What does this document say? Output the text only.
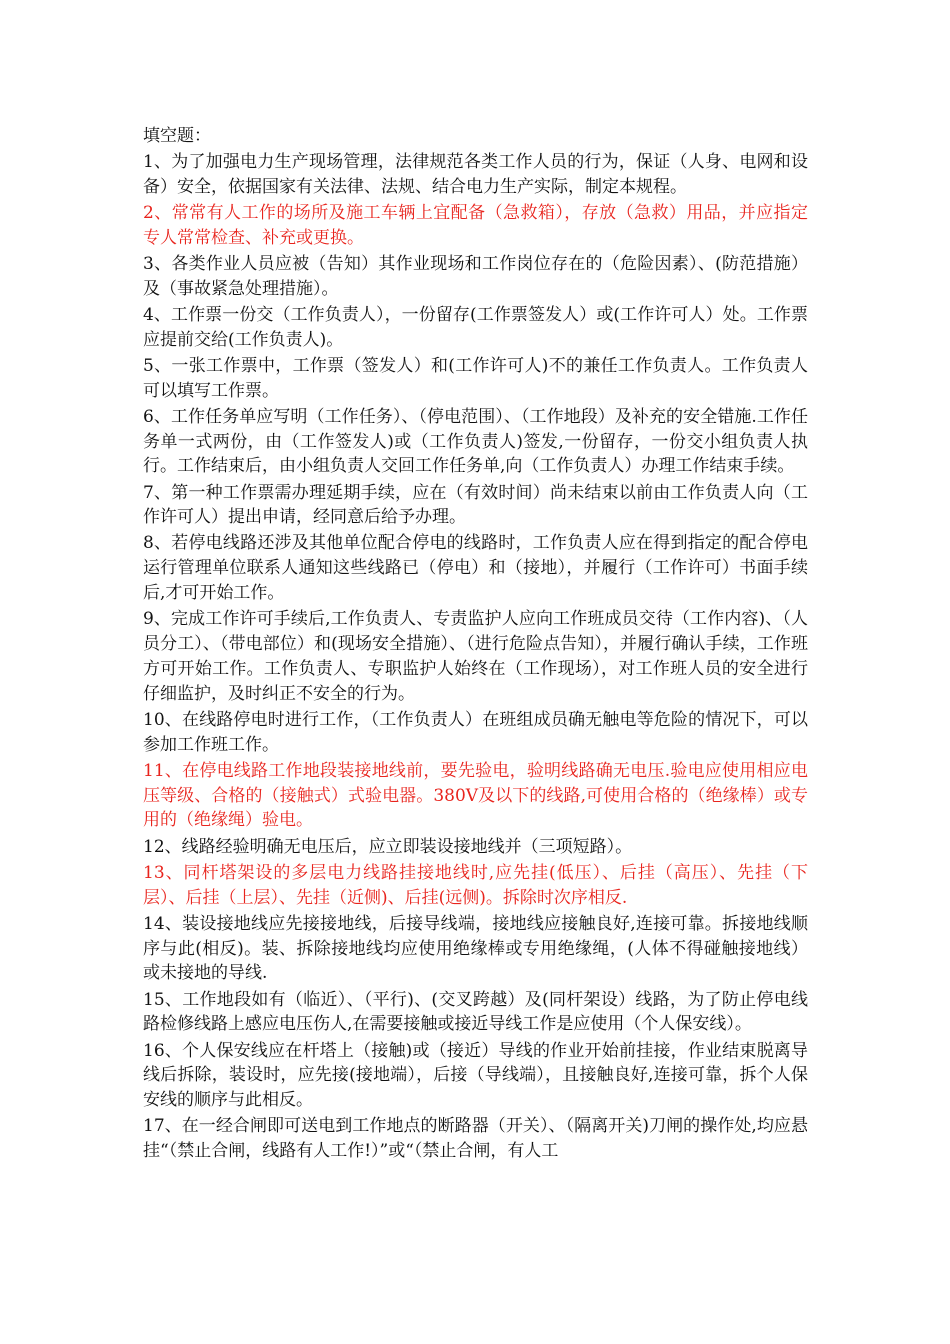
填空题：

1、为了加强电力生产现场管理，法律规范各类工作人员的行为，保证（人身、电网和设备）安全，依据国家有关法律、法规、结合电力生产实际，制定本规程。

2、常常有人工作的场所及施工车辆上宜配备（急救箱），存放（急救）用品，并应指定专人常常检查、补充或更换。

3、各类作业人员应被（告知）其作业现场和工作岗位存在的（危险因素）、(防范措施）及（事故紧急处理措施）。

4、工作票一份交（工作负责人），一份留存(工作票签发人）或(工作许可人）处。工作票应提前交给(工作负责人)。

5、一张工作票中，工作票（签发人）和(工作许可人)不的兼任工作负责人。工作负责人可以填写工作票。

6、工作任务单应写明（工作任务）、（停电范围）、（工作地段）及补充的安全错施.工作任务单一式两份，由（工作签发人)或（工作负责人)签发,一份留存，一份交小组负责人执行。工作结束后，由小组负责人交回工作任务单,向（工作负责人）办理工作结束手续。

7、第一种工作票需办理延期手续，应在（有效时间）尚未结束以前由工作负责人向（工作许可人）提出申请，经同意后给予办理。

8、若停电线路还涉及其他单位配合停电的线路时，工作负责人应在得到指定的配合停电运行管理单位联系人通知这些线路已（停电）和（接地），并履行（工作许可）书面手续后,才可开始工作。

9、完成工作许可手续后,工作负责人、专责监护人应向工作班成员交待（工作内容)、（人员分工）、（带电部位）和(现场安全措施）、（进行危险点告知），并履行确认手续，工作班方可开始工作。工作负责人、专职监护人始终在（工作现场），对工作班人员的安全进行仔细监护，及时纠正不安全的行为。

10、在线路停电时进行工作，（工作负责人）在班组成员确无触电等危险的情况下，可以参加工作班工作。

11、在停电线路工作地段装接地线前，要先验电，验明线路确无电压.验电应使用相应电压等级、合格的（接触式）式验电器。380V及以下的线路,可使用合格的（绝缘棒）或专用的（绝缘绳）验电。

12、线路经验明确无电压后，应立即装设接地线并（三项短路）。

13、同杆塔架设的多层电力线路挂接地线时,应先挂(低压）、后挂（高压）、先挂（下层）、后挂（上层）、先挂（近侧)、后挂(远侧)。拆除时次序相反.

14、装设接地线应先接接地线，后接导线端，接地线应接触良好,连接可靠。拆接地线顺序与此(相反)。装、拆除接地线均应使用绝缘棒或专用绝缘绳，(人体不得碰触接地线）或未接地的导线.

15、工作地段如有（临近）、（平行)、(交叉跨越）及(同杆架设）线路，为了防止停电线路检修线路上感应电压伤人,在需要接触或接近导线工作是应使用（个人保安线）。

16、个人保安线应在杆塔上（接触)或（接近）导线的作业开始前挂接，作业结束脱离导线后拆除，装设时，应先接(接地端），后接（导线端），且接触良好,连接可靠，拆个人保安线的顺序与此相反。

17、在一经合闸即可送电到工作地点的断路器（开关）、（隔离开关)刀闸的操作处,均应悬挂“（禁止合闸，线路有人工作!）”或“（禁止合闸，有人工
